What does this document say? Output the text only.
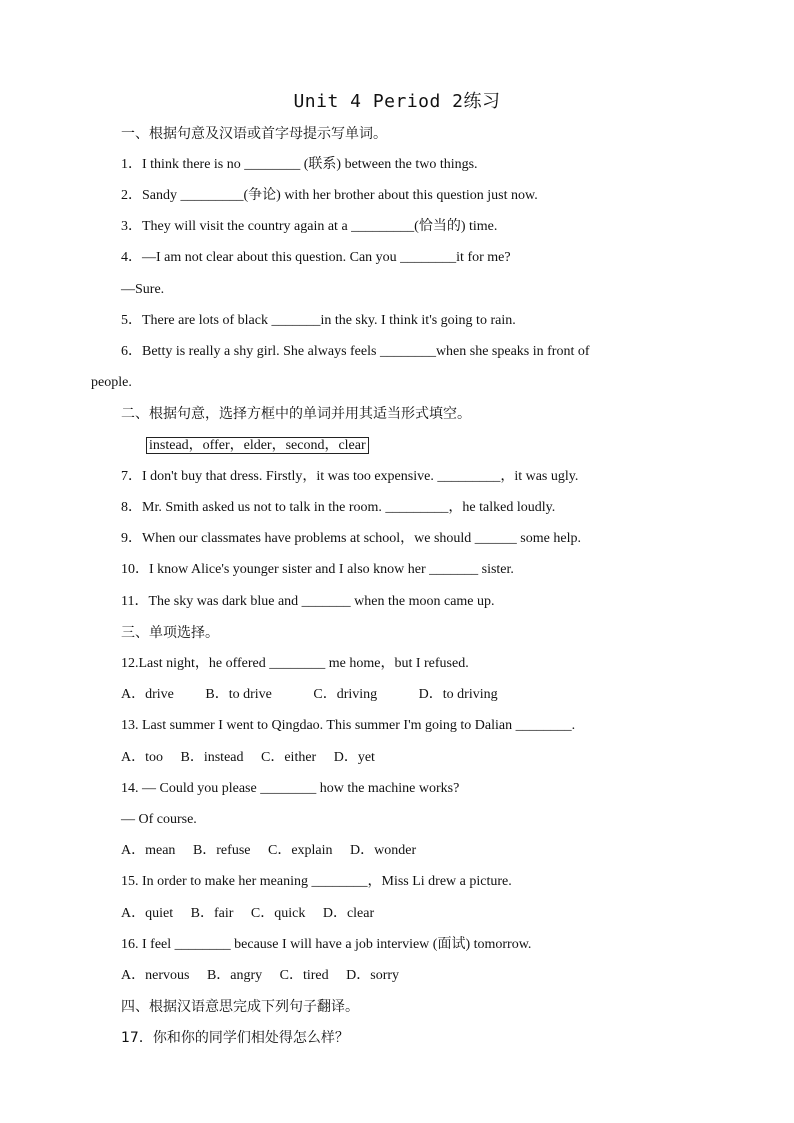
Unit 4 Period 2练习
一、根据句意及汉语或首字母提示写单词。
1．I think there is no ________ (联系) between the two things.
2．Sandy _________(争论) with her brother about this question just now.
3．They will visit the country again at a _________(恰当的) time.
4．—I am not clear about this question. Can you ________it for me?
—Sure.
5．There are lots of black _______in the sky. I think it's going to rain.
6．Betty is really a shy girl. She always feels ________when she speaks in front of
people.
二、根据句意，选择方框中的单词并用其适当形式填空。
instead，offer，elder，second，clear
7．I don't buy that dress. Firstly，it was too expensive. _________，it was ugly.
8．Mr. Smith asked us not to talk in the room. _________，he talked loudly.
9．When our classmates have problems at school，we should ______ some help.
10．I know Alice's younger sister and I also know her _______ sister.
11．The sky was dark blue and _______ when the moon came up.
三、单项选择。
12.Last night，he offered ________ me home，but I refused.
A．drive B．to drive	C．driving	D．to driving
13. Last summer I went to Qingdao. This summer I'm going to Dalian ________.
A．too B．instead C．either D．yet
14. — Could you please ________ how the machine works?
— Of course.
A．mean B．refuse C．explain D．wonder
15. In order to make her meaning ________，Miss Li drew a picture.
A．quiet B．fair C．quick D．clear
16. I feel ________ because I will have a job interview (面试) tomorrow.
A．nervous B．angry C．tired D．sorry
四、根据汉语意思完成下列句子翻译。
17．你和你的同学们相处得怎么样？
